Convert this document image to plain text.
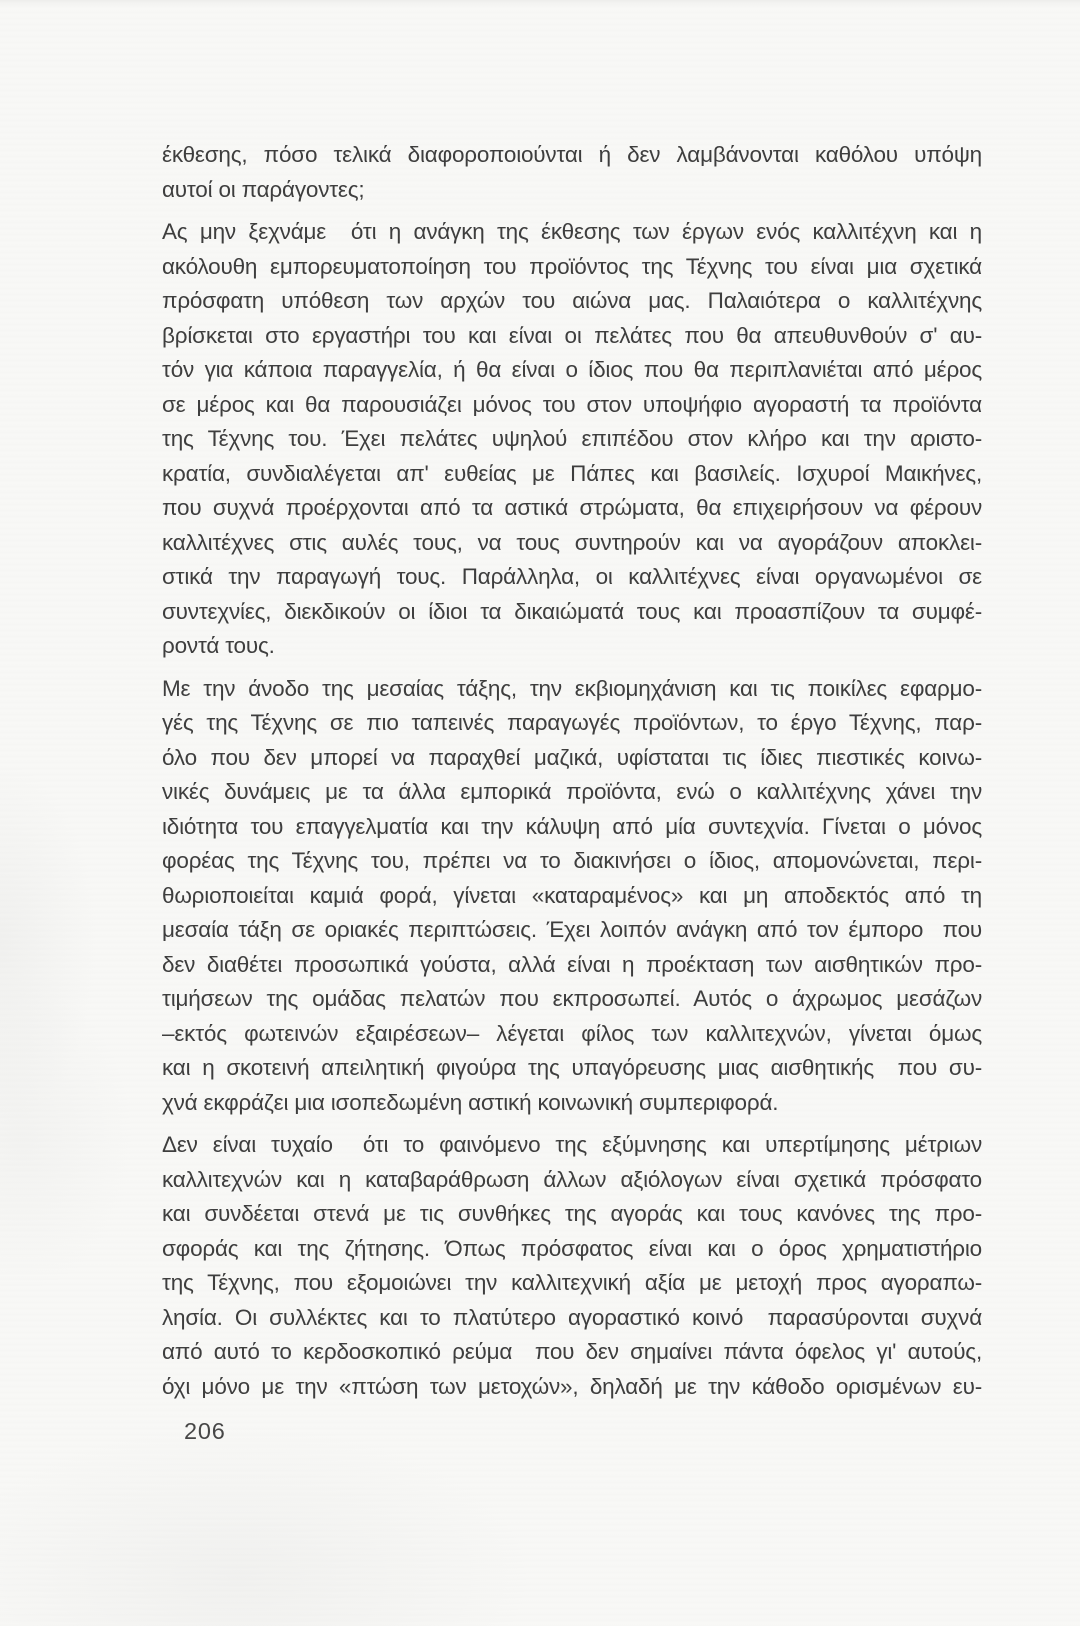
έκθεσης, πόσο τελικά διαφοροποιούνται ή δεν λαμβάνονται καθόλου υπόψη
αυτοί οι παράγοντες;
Ας μην ξεχνάμε  ότι η ανάγκη της έκθεσης των έργων ενός καλλιτέχνη και η
ακόλουθη εμπορευματοποίηση του προϊόντος της Τέχνης του είναι μια σχετικά
πρόσφατη υπόθεση των αρχών του αιώνα μας. Παλαιότερα ο καλλιτέχνης
βρίσκεται στο εργαστήρι του και είναι οι πελάτες που θα απευθυνθούν σ' αυ-
τόν για κάποια παραγγελία, ή θα είναι ο ίδιος που θα περιπλανιέται από μέρος
σε μέρος και θα παρουσιάζει μόνος του στον υποψήφιο αγοραστή τα προϊόντα
της Τέχνης του. Έχει πελάτες υψηλού επιπέδου στον κλήρο και την αριστο-
κρατία, συνδιαλέγεται απ' ευθείας με Πάπες και βασιλείς. Ισχυροί Μαικήνες,
που συχνά προέρχονται από τα αστικά στρώματα, θα επιχειρήσουν να φέρουν
καλλιτέχνες στις αυλές τους, να τους συντηρούν και να αγοράζουν αποκλει-
στικά την παραγωγή τους. Παράλληλα, οι καλλιτέχνες είναι οργανωμένοι σε
συντεχνίες, διεκδικούν οι ίδιοι τα δικαιώματά τους και προασπίζουν τα συμφέ-
ροντά τους.
Με την άνοδο της μεσαίας τάξης, την εκβιομηχάνιση και τις ποικίλες εφαρμο-
γές της Τέχνης σε πιο ταπεινές παραγωγές προϊόντων, το έργο Τέχνης, παρ-
όλο που δεν μπορεί να παραχθεί μαζικά, υφίσταται τις ίδιες πιεστικές κοινω-
νικές δυνάμεις με τα άλλα εμπορικά προϊόντα, ενώ ο καλλιτέχνης χάνει την
ιδιότητα του επαγγελματία και την κάλυψη από μία συντεχνία. Γίνεται ο μόνος
φορέας της Τέχνης του, πρέπει να το διακινήσει ο ίδιος, απομονώνεται, περι-
θωριοποιείται καμιά φορά, γίνεται «καταραμένος» και μη αποδεκτός από τη
μεσαία τάξη σε οριακές περιπτώσεις. Έχει λοιπόν ανάγκη από τον έμπορο  που
δεν διαθέτει προσωπικά γούστα, αλλά είναι η προέκταση των αισθητικών προ-
τιμήσεων της ομάδας πελατών που εκπροσωπεί. Αυτός ο άχρωμος μεσάζων
–εκτός φωτεινών εξαιρέσεων– λέγεται φίλος των καλλιτεχνών, γίνεται όμως
και η σκοτεινή απειλητική φιγούρα της υπαγόρευσης μιας αισθητικής  που συ-
χνά εκφράζει μια ισοπεδωμένη αστική κοινωνική συμπεριφορά.
Δεν είναι τυχαίο  ότι το φαινόμενο της εξύμνησης και υπερτίμησης μέτριων
καλλιτεχνών και η καταβαράθρωση άλλων αξιόλογων είναι σχετικά πρόσφατο
και συνδέεται στενά με τις συνθήκες της αγοράς και τους κανόνες της προ-
σφοράς και της ζήτησης. Όπως πρόσφατος είναι και ο όρος χρηματιστήριο
της Τέχνης, που εξομοιώνει την καλλιτεχνική αξία με μετοχή προς αγοραπω-
λησία. Οι συλλέκτες και το πλατύτερο αγοραστικό κοινό  παρασύρονται συχνά
από αυτό το κερδοσκοπικό ρεύμα  που δεν σημαίνει πάντα όφελος γι' αυτούς,
όχι μόνο με την «πτώση των μετοχών», δηλαδή με την κάθοδο ορισμένων ευ-
206
